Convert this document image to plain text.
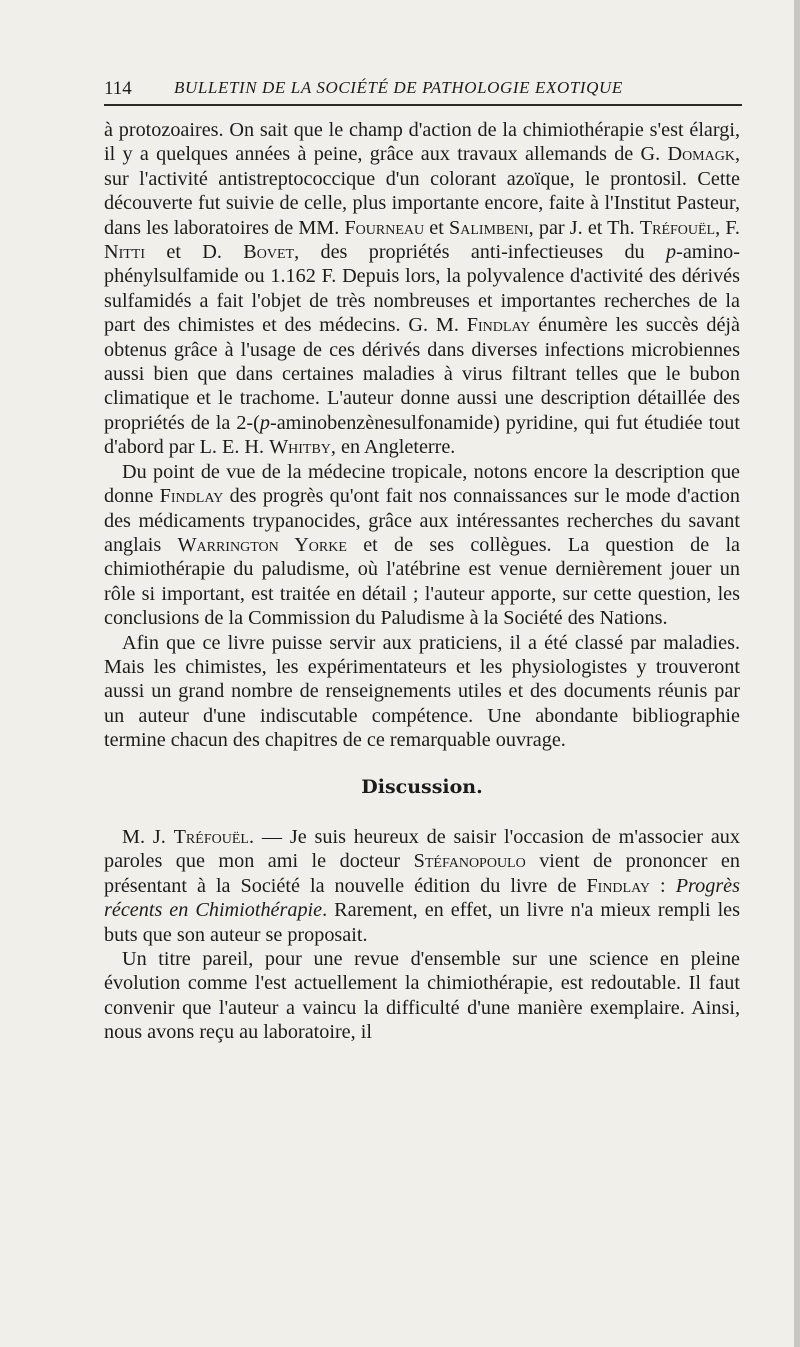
114 BULLETIN DE LA SOCIÉTÉ DE PATHOLOGIE EXOTIQUE

à protozoaires. On sait que le champ d'action de la chimiothérapie s'est élargi, il y a quelques années à peine, grâce aux travaux allemands de G. Domagk, sur l'activité antistreptococcique d'un colorant azoïque, le prontosil. Cette découverte fut suivie de celle, plus importante encore, faite à l'Institut Pasteur, dans les laboratoires de MM. Fourneau et Salimbeni, par J. et Th. Tréfouël, F. Nitti et D. Bovet, des propriétés anti-infectieuses du p-amino-phénylsulfamide ou 1.162 F. Depuis lors, la polyvalence d'activité des dérivés sulfamidés a fait l'objet de très nombreuses et importantes recherches de la part des chimistes et des médecins. G. M. Findlay énumère les succès déjà obtenus grâce à l'usage de ces dérivés dans diverses infections microbiennes aussi bien que dans certaines maladies à virus filtrant telles que le bubon climatique et le trachome. L'auteur donne aussi une description détaillée des propriétés de la 2-(p-aminobenzènesulfonamide) pyridine, qui fut étudiée tout d'abord par L. E. H. Whitby, en Angleterre.

Du point de vue de la médecine tropicale, notons encore la description que donne Findlay des progrès qu'ont fait nos connaissances sur le mode d'action des médicaments trypanocides, grâce aux intéressantes recherches du savant anglais Warrington Yorke et de ses collègues. La question de la chimiothérapie du paludisme, où l'atébrine est venue dernièrement jouer un rôle si important, est traitée en détail ; l'auteur apporte, sur cette question, les conclusions de la Commission du Paludisme à la Société des Nations.

Afin que ce livre puisse servir aux praticiens, il a été classé par maladies. Mais les chimistes, les expérimentateurs et les physiologistes y trouveront aussi un grand nombre de renseignements utiles et des documents réunis par un auteur d'une indiscutable compétence. Une abondante bibliographie termine chacun des chapitres de ce remarquable ouvrage.

Discussion.

M. J. Tréfouël. — Je suis heureux de saisir l'occasion de m'associer aux paroles que mon ami le docteur Stéfanopoulo vient de prononcer en présentant à la Société la nouvelle édition du livre de Findlay : Progrès récents en Chimiothérapie. Rarement, en effet, un livre n'a mieux rempli les buts que son auteur se proposait.

Un titre pareil, pour une revue d'ensemble sur une science en pleine évolution comme l'est actuellement la chimiothérapie, est redoutable. Il faut convenir que l'auteur a vaincu la difficulté d'une manière exemplaire. Ainsi, nous avons reçu au laboratoire, il
